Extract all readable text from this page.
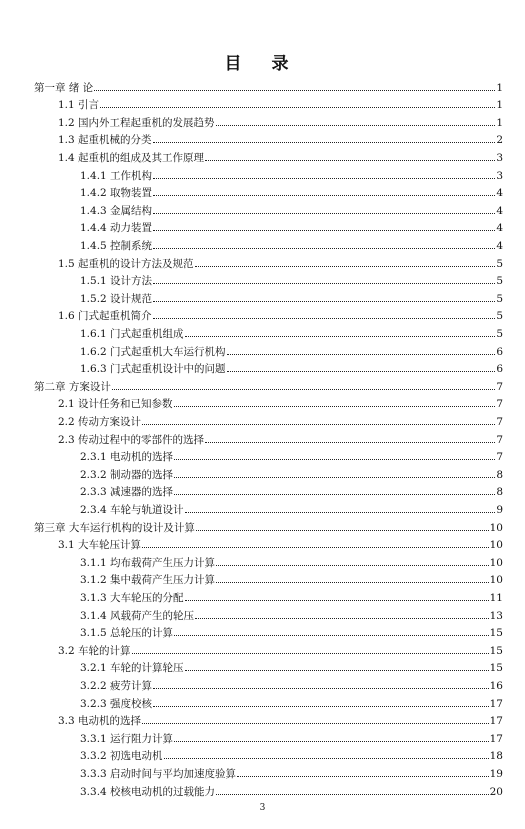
目 录
第一章 绪 论	1
1.1 引言	1
1.2 国内外工程起重机的发展趋势	1
1.3 起重机械的分类	2
1.4 起重机的组成及其工作原理	3
1.4.1 工作机构	3
1.4.2 取物装置	4
1.4.3 金属结构	4
1.4.4 动力装置	4
1.4.5 控制系统	4
1.5 起重机的设计方法及规范	5
1.5.1 设计方法	5
1.5.2 设计规范	5
1.6 门式起重机简介	5
1.6.1 门式起重机组成	5
1.6.2 门式起重机大车运行机构	6
1.6.3 门式起重机设计中的问题	6
第二章 方案设计	7
2.1 设计任务和已知参数	7
2.2 传动方案设计	7
2.3 传动过程中的零部件的选择	7
2.3.1 电动机的选择	7
2.3.2 制动器的选择	8
2.3.3 减速器的选择	8
2.3.4 车轮与轨道设计	9
第三章 大车运行机构的设计及计算	10
3.1 大车轮压计算	10
3.1.1 均布载荷产生压力计算	10
3.1.2 集中载荷产生压力计算	10
3.1.3 大车轮压的分配	11
3.1.4 风载荷产生的轮压	13
3.1.5 总轮压的计算	15
3.2 车轮的计算	15
3.2.1 车轮的计算轮压	15
3.2.2 疲劳计算	16
3.2.3 强度校核	17
3.3 电动机的选择	17
3.3.1 运行阻力计算	17
3.3.2 初选电动机	18
3.3.3 启动时间与平均加速度验算	19
3.3.4 校核电动机的过载能力	20
3
